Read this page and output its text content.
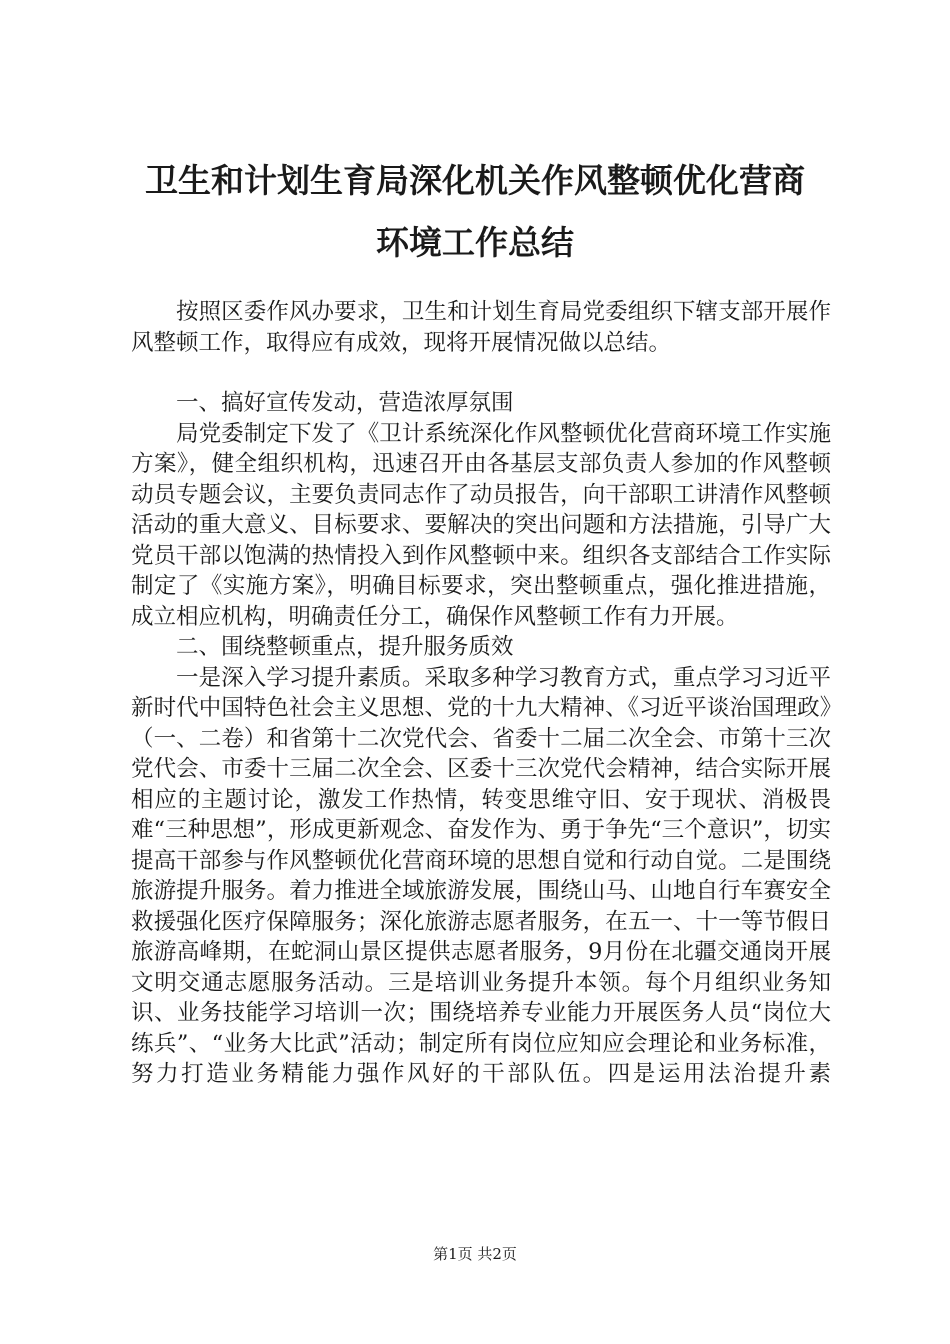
卫生和计划生育局深化机关作风整顿优化营商
环境工作总结

按照区委作风办要求，卫生和计划生育局党委组织下辖支部开展作风整顿工作，取得应有成效，现将开展情况做以总结。

一、搞好宣传发动，营造浓厚氛围

局党委制定下发了《卫计系统深化作风整顿优化营商环境工作实施方案》，健全组织机构，迅速召开由各基层支部负责人参加的作风整顿动员专题会议，主要负责同志作了动员报告，向干部职工讲清作风整顿活动的重大意义、目标要求、要解决的突出问题和方法措施，引导广大党员干部以饱满的热情投入到作风整顿中来。组织各支部结合工作实际制定了《实施方案》，明确目标要求，突出整顿重点，强化推进措施，成立相应机构，明确责任分工，确保作风整顿工作有力开展。

二、围绕整顿重点，提升服务质效

一是深入学习提升素质。采取多种学习教育方式，重点学习习近平新时代中国特色社会主义思想、党的十九大精神、《习近平谈治国理政》（一、二卷）和省第十二次党代会、省委十二届二次全会、市第十三次党代会、市委十三届二次全会、区委十三次党代会精神，结合实际开展相应的主题讨论，激发工作热情，转变思维守旧、安于现状、消极畏难“三种思想”，形成更新观念、奋发作为、勇于争先“三个意识”，切实提高干部参与作风整顿优化营商环境的思想自觉和行动自觉。二是围绕旅游提升服务。着力推进全域旅游发展，围绕山马、山地自行车赛安全救援强化医疗保障服务；深化旅游志愿者服务，在五一、十一等节假日旅游高峰期，在蛇洞山景区提供志愿者服务，9月份在北疆交通岗开展文明交通志愿服务活动。三是培训业务提升本领。每个月组织业务知识、业务技能学习培训一次；围绕培养专业能力开展医务人员“岗位大练兵”、“业务大比武”活动；制定所有岗位应知应会理论和业务标准，努力打造业务精能力强作风好的干部队伍。四是运用法治提升素

第1页 共2页
